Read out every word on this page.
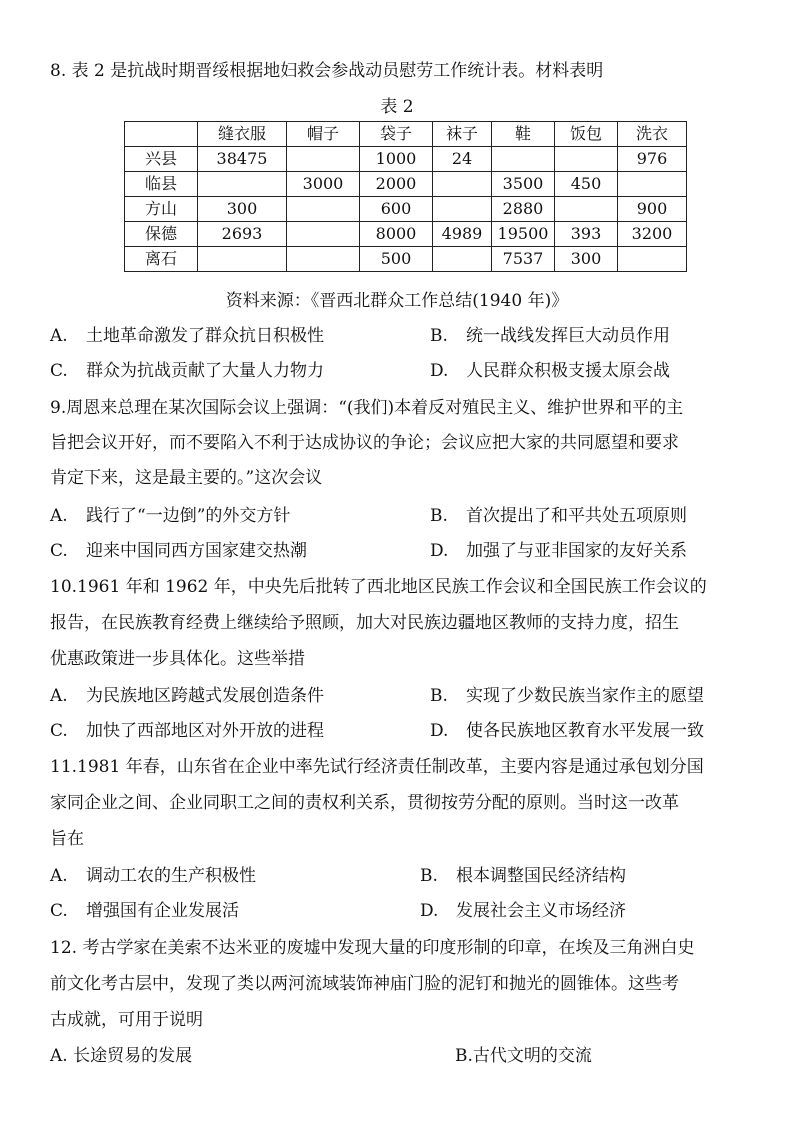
8. 表 2 是抗战时期晋绥根据地妇救会参战动员慰劳工作统计表。材料表明
表 2
	缝衣服	帽子	袋子	袜子	鞋	饭包	洗衣
兴县	38475		1000	24			976
临县		3000	2000		3500	450	
方山	300		600		2880		900
保德	2693		8000	4989	19500	393	3200
离石			500		7537	300	
资料来源：《晋西北群众工作总结(1940 年)》
A. 土地革命激发了群众抗日积极性	B. 统一战线发挥巨大动员作用
C. 群众为抗战贡献了大量人力物力	D. 人民群众积极支援太原会战
9.周恩来总理在某次国际会议上强调：“(我们)本着反对殖民主义、维护世界和平的主
旨把会议开好，而不要陷入不利于达成协议的争论；会议应把大家的共同愿望和要求
肯定下来，这是最主要的。”这次会议
A. 践行了“一边倒”的外交方针	B. 首次提出了和平共处五项原则
C. 迎来中国同西方国家建交热潮	D. 加强了与亚非国家的友好关系
10.1961 年和 1962 年，中央先后批转了西北地区民族工作会议和全国民族工作会议的
报告，在民族教育经费上继续给予照顾，加大对民族边疆地区教师的支持力度，招生
优惠政策进一步具体化。这些举措
A. 为民族地区跨越式发展创造条件	B. 实现了少数民族当家作主的愿望
C. 加快了西部地区对外开放的进程	D. 使各民族地区教育水平发展一致
11.1981 年春，山东省在企业中率先试行经济责任制改革，主要内容是通过承包划分国
家同企业之间、企业同职工之间的责权利关系，贯彻按劳分配的原则。当时这一改革
旨在
A. 调动工农的生产积极性	B. 根本调整国民经济结构
C. 增强国有企业发展活	D. 发展社会主义市场经济
12. 考古学家在美索不达米亚的废墟中发现大量的印度形制的印章，在埃及三角洲白史
前文化考古层中，发现了类以两河流域装饰神庙门脸的泥钉和抛光的圆锥体。这些考
古成就，可用于说明
A. 长途贸易的发展	B.古代文明的交流
